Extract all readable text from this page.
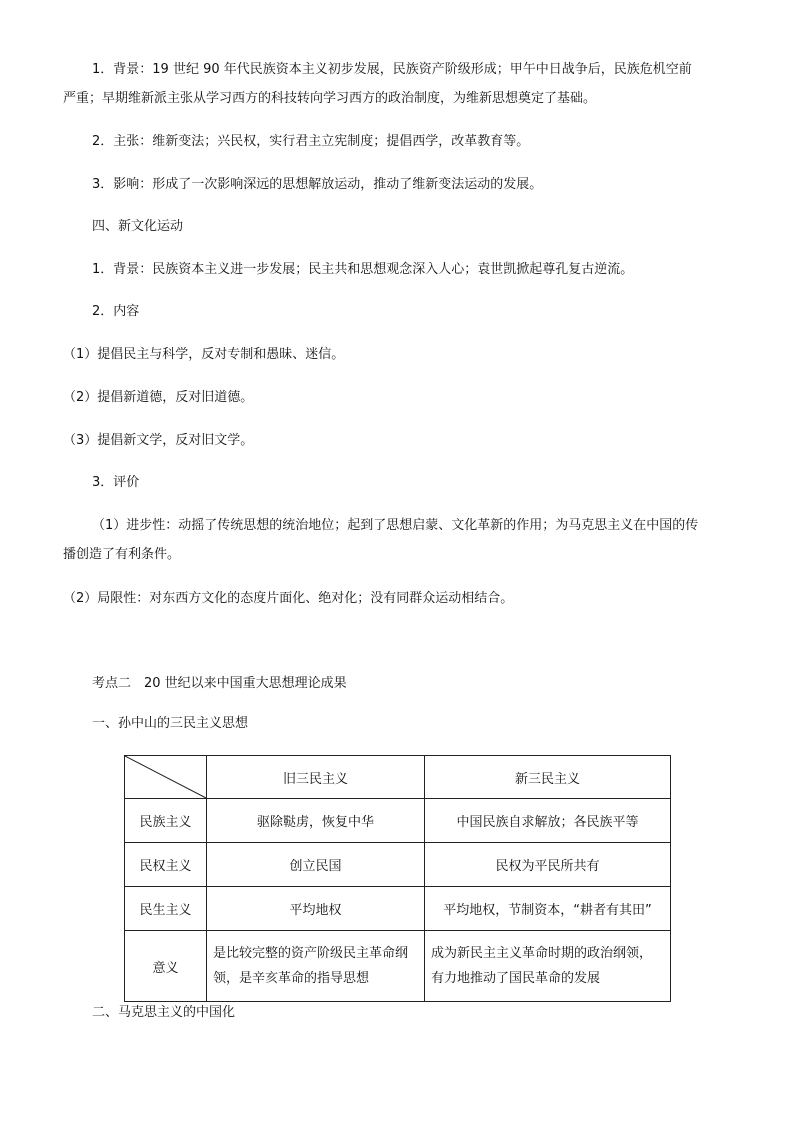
1．背景：19 世纪 90 年代民族资本主义初步发展，民族资产阶级形成；甲午中日战争后，民族危机空前

严重；早期维新派主张从学习西方的科技转向学习西方的政治制度，为维新思想奠定了基础。

2．主张：维新变法；兴民权，实行君主立宪制度；提倡西学，改革教育等。

3．影响：形成了一次影响深远的思想解放运动，推动了维新变法运动的发展。

四、新文化运动

1．背景：民族资本主义进一步发展；民主共和思想观念深入人心；袁世凯掀起尊孔复古逆流。

2．内容

（1）提倡民主与科学，反对专制和愚昧、迷信。

（2）提倡新道德，反对旧道德。

（3）提倡新文学，反对旧文学。

3．评价

（1）进步性：动摇了传统思想的统治地位；起到了思想启蒙、文化革新的作用；为马克思主义在中国的传

播创造了有利条件。

（2）局限性：对东西方文化的态度片面化、绝对化；没有同群众运动相结合。

考点二　20 世纪以来中国重大思想理论成果

一、孙中山的三民主义思想

	旧三民主义	新三民主义
民族主义	驱除鞑虏，恢复中华	中国民族自求解放；各民族平等
民权主义	创立民国	民权为平民所共有
民生主义	平均地权	平均地权，节制资本，“耕者有其田”
意义	是比较完整的资产阶级民主革命纲领，是辛亥革命的指导思想	成为新民主主义革命时期的政治纲领，有力地推动了国民革命的发展

二、马克思主义的中国化
